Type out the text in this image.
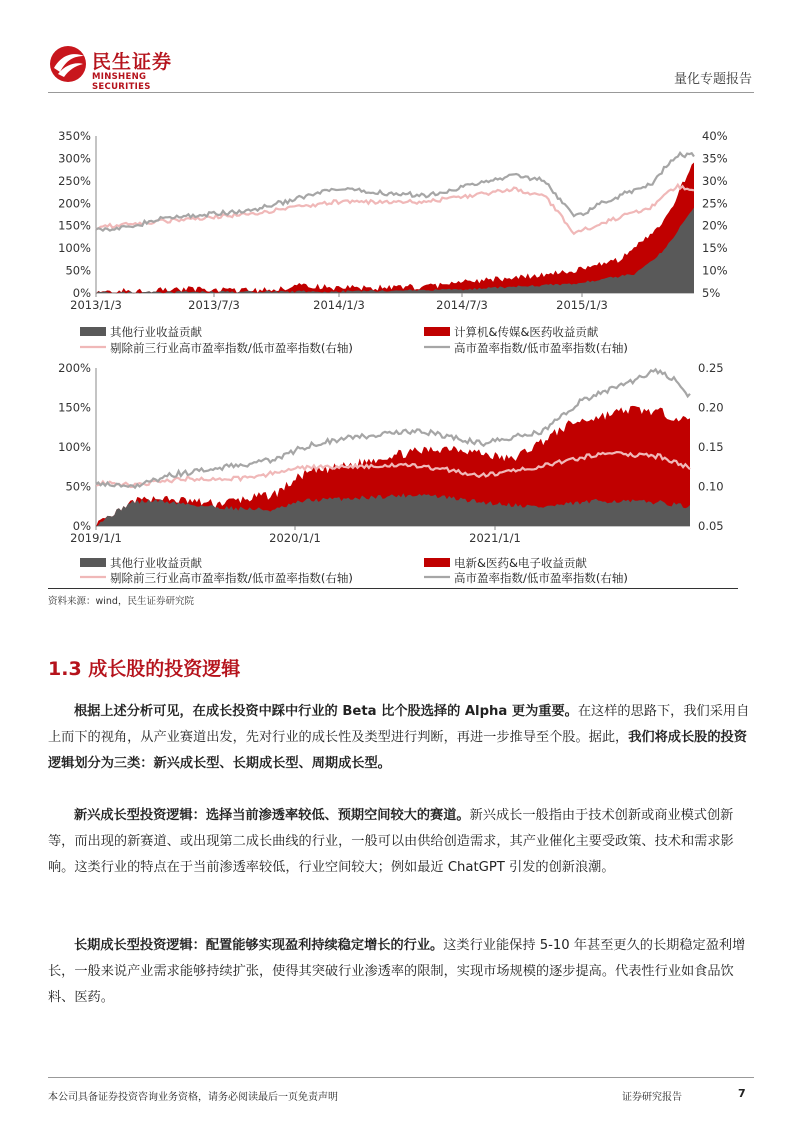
民生证券
MINSHENG SECURITIES	量化专题报告
350%
300%
250%
200%
150%
100%
50%
0%
40%
35%
30%
25%
20%
15%
10%
5%
2013/1/3	2013/7/3	2014/1/3	2014/7/3	2015/1/3
其他行业收益贡献	计算机&传媒&医药收益贡献
剔除前三行业高市盈率指数/低市盈率指数(右轴)	高市盈率指数/低市盈率指数(右轴)
200%
150%
100%
50%
0%
0.25
0.20
0.15
0.10
0.05
2019/1/1	2020/1/1	2021/1/1
其他行业收益贡献	电新&医药&电子收益贡献
剔除前三行业高市盈率指数/低市盈率指数(右轴)	高市盈率指数/低市盈率指数(右轴)
资料来源：wind，民生证券研究院
1.3 成长股的投资逻辑

根据上述分析可见，在成长投资中踩中行业的 Beta 比个股选择的 Alpha 更为重要。在这样的思路下，我们采用自上而下的视角，从产业赛道出发，先对行业的成长性及类型进行判断，再进一步推导至个股。据此，我们将成长股的投资逻辑划分为三类：新兴成长型、长期成长型、周期成长型。

新兴成长型投资逻辑：选择当前渗透率较低、预期空间较大的赛道。新兴成长一般指由于技术创新或商业模式创新等，而出现的新赛道、或出现第二成长曲线的行业，一般可以由供给创造需求，其产业催化主要受政策、技术和需求影响。这类行业的特点在于当前渗透率较低，行业空间较大；例如最近 ChatGPT 引发的创新浪潮。

长期成长型投资逻辑：配置能够实现盈利持续稳定增长的行业。这类行业能保持 5-10 年甚至更久的长期稳定盈利增长，一般来说产业需求能够持续扩张，使得其突破行业渗透率的限制，实现市场规模的逐步提高。代表性行业如食品饮料、医药。

本公司具备证券投资咨询业务资格，请务必阅读最后一页免责声明	证券研究报告	7
